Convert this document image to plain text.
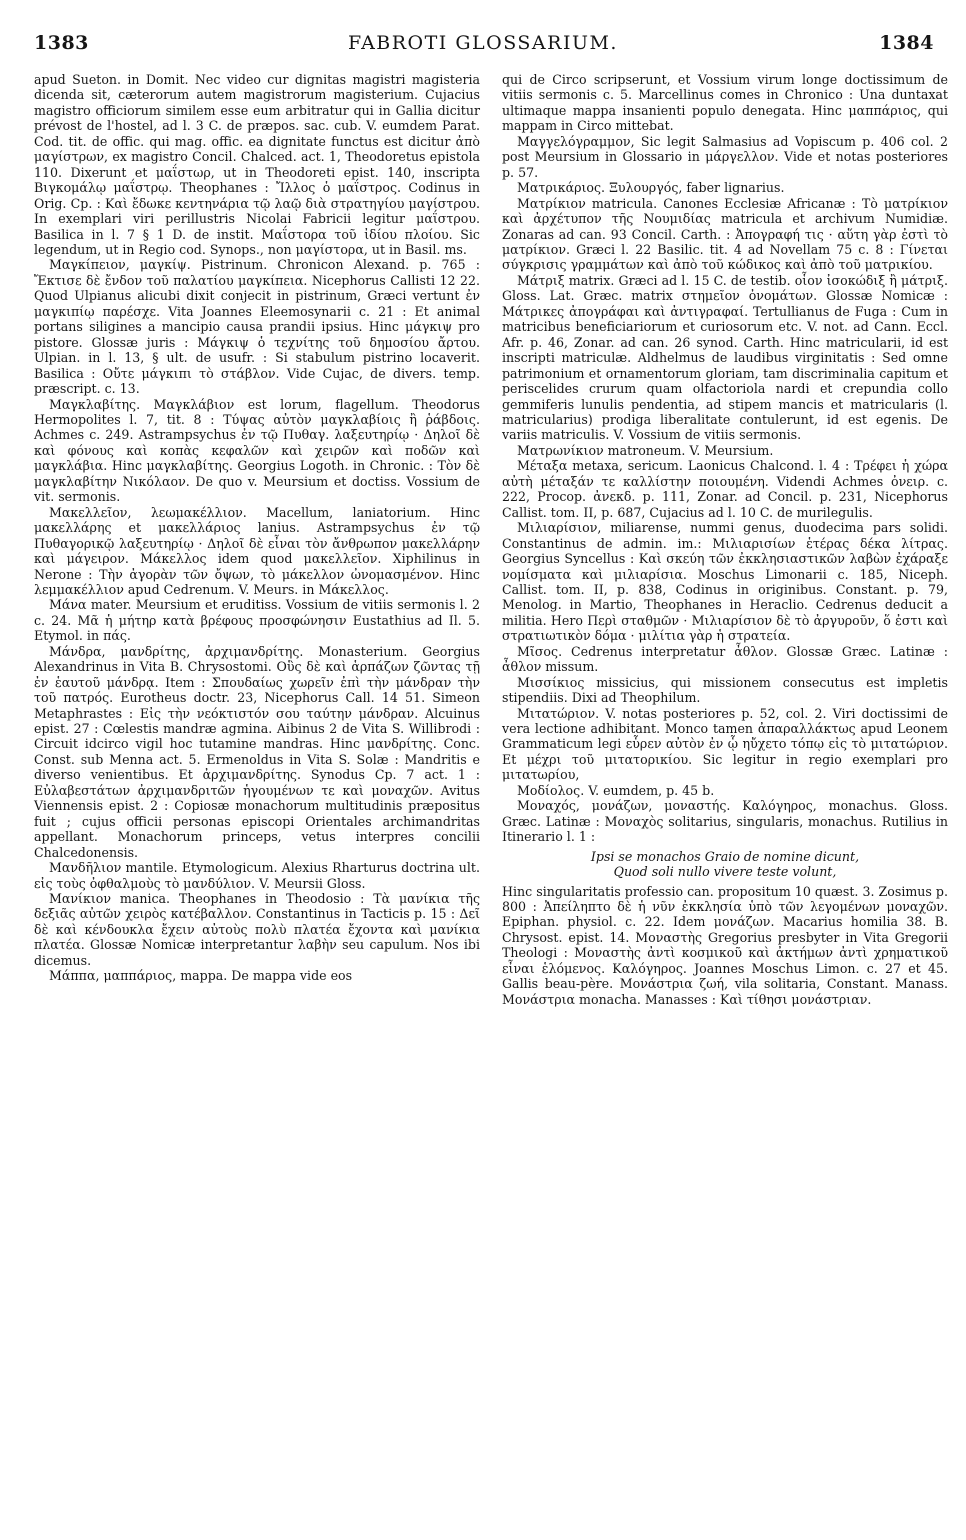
1383	FABROTI GLOSSARIUM.	1384

apud Sueton. in Domit. Nec video cur dignitas magistri magisteria dicenda sit, cæterorum autem magistrorum magisterium. Cujacius magistro officiorum similem esse eum arbitratur qui in Gallia dicitur prévost de l'hostel, ad l. 3 C. de præpos. sac. cub. V. eumdem Parat. Cod. tit. de offic. qui mag. offic. ea dignitate functus est dicitur ἀπὸ μαγίστρων, ex magistro Concil. Chalced. act. 1, Theodoretus epistola 110. Dixerunt et μαΐστωρ, ut in Theodoreti epist. 140, inscripta Βιγκομάλῳ μαΐστρῳ. Theophanes : Ἴλλος ὁ μαΐστρος. Codinus in Orig. Cp. : Καὶ ἔδωκε κεντηνάρια τῷ λαῷ διὰ στρατηγίου μαγίστρου. In exemplari viri perillustris Nicolai Fabricii legitur μαΐστρου. Basilica in l. 7 § 1 D. de instit. Μαΐστορα τοῦ ἰδίου πλοίου. Sic legendum, ut in Regio cod. Synops., non μαγίστορα, ut in Basil. ms.

Μαγκίπειον, μαγκίψ. Pistrinum. Chronicon Alexand. p. 765 : Ἔκτισε δὲ ἔνδον τοῦ παλατίου μαγκίπεια. Nicephorus Callisti 12 22. Quod Ulpianus alicubi dixit conjecit in pistrinum, Græci vertunt ἐν μαγκιπίῳ παρέσχε. Vita Joannes Eleemosynarii c. 21 : Et animal portans siligines a mancipio causa prandii ipsius. Hinc μάγκιψ pro pistore. Glossæ juris : Μάγκιψ ὁ τεχνίτης τοῦ δημοσίου ἄρτου. Ulpian. in l. 13, § ult. de usufr. : Si stabulum pistrino locaverit. Basilica : Οὔτε μάγκιπι τὸ στάβλον. Vide Cujac, de divers. temp. præscript. c. 13.

Μαγκλαβίτης. Μαγκλάβιον est lorum, flagellum. Theodorus Hermopolites l. 7, tit. 8 : Τύψας αὐτὸν μαγκλαβίοις ἢ ῥάβδοις. Achmes c. 249. Astrampsychus ἐν τῷ Πυθαγ. λαξευτηρίῳ · Δηλοῖ δὲ καὶ φόνους καὶ κοπὰς κεφαλῶν καὶ χειρῶν καὶ ποδῶν καὶ μαγκλάβια. Hinc μαγκλαβίτης. Georgius Logoth. in Chronic. : Τὸν δὲ μαγκλαβίτην Νικόλαον. De quo v. Meursium et doctiss. Vossium de vit. sermonis.

Μακελλεῖον, λεωμακέλλιον. Macellum, laniatorium. Hinc μακελλάρης et μακελλάριος lanius. Astrampsychus ἐν τῷ Πυθαγορικῷ λαξευτηρίῳ · Δηλοῖ δὲ εἶναι τὸν ἄνθρωπον μακελλάρην καὶ μάγειρον. Μάκελλος idem quod μακελλεῖον. Xiphilinus in Nerone : Τὴν ἀγορὰν τῶν ὄψων, τὸ μάκελλον ὠνομασμένον. Hinc λεμμακέλλιον apud Cedrenum. V. Meurs. in Μάκελλος.

Μάνα mater. Meursium et eruditiss. Vossium de vitiis sermonis l. 2 c. 24. Μᾶ ἡ μήτηρ κατὰ βρέφους προσφώνησιν Eustathius ad Il. 5. Etymol. in πάς.

Μάνδρα, μανδρίτης, ἀρχιμανδρίτης. Monasterium. Georgius Alexandrinus in Vita B. Chrysostomi. Οὓς δὲ καὶ ἁρπάζων ζῶντας τῇ ἐν ἑαυτοῦ μάνδρᾳ. Item : Σπουδαίως χωρεῖν ἐπὶ τὴν μάνδραν τὴν τοῦ πατρός. Eurotheus doctr. 23, Nicephorus Call. 14 51. Simeon Metaphrastes : Εἰς τὴν νεόκτιστόν σου ταύτην μάνδραν. Alcuinus epist. 27 : Cœlestis mandræ agmina. Aibinus 2 de Vita S. Willibrodi : Circuit idcirco vigil hoc tutamine mandras. Hinc μανδρίτης. Conc. Const. sub Menna act. 5. Ermenoldus in Vita S. Solæ : Mandritis e diverso venientibus. Et ἀρχιμανδρίτης. Synodus Cp. 7 act. 1 : Εὐλαβεστάτων ἀρχιμανδριτῶν ἡγουμένων τε καὶ μοναχῶν. Avitus Viennensis epist. 2 : Copiosæ monachorum multitudinis præpositus fuit ; cujus officii personas episcopi Orientales archimandritas appellant. Monachorum princeps, vetus interpres concilii Chalcedonensis.

Μανδῆλιον mantile. Etymologicum. Alexius Rharturus doctrina ult. εἰς τοὺς ὀφθαλμοὺς τὸ μανδύλιον. V. Meursii Gloss.

Μανίκιον manica. Theophanes in Theodosio : Τὰ μανίκια τῆς δεξιᾶς αὐτῶν χειρὸς κατέβαλλον. Constantinus in Tacticis p. 15 : Δεῖ δὲ καὶ κένδουκλα ἔχειν αὐτοὺς πολὺ πλατέα ἔχοντα καὶ μανίκια πλατέα. Glossæ Nomicæ interpretantur λαβὴν seu capulum. Nos ibi dicemus.

Μάππα, μαππάριος, mappa. De mappa vide eos

qui de Circo scripserunt, et Vossium virum longe doctissimum de vitiis sermonis c. 5. Marcellinus comes in Chronico : Una duntaxat ultimaque mappa insanienti populo denegata. Hinc μαππάριος, qui mappam in Circo mittebat.

Μαγγελόγραμμον, Sic legit Salmasius ad Vopiscum p. 406 col. 2 post Meursium in Glossario in μάργελλον. Vide et notas posteriores p. 57.

Ματρικάριος. Ξυλουργός, faber lignarius.

Ματρίκιον matricula. Canones Ecclesiæ Africanæ : Τὸ ματρίκιον καὶ ἀρχέτυπον τῆς Νουμιδίας matricula et archivum Numidiæ. Zonaras ad can. 93 Concil. Carth. : Ἀπογραφή τις · αὕτη γὰρ ἐστὶ τὸ ματρίκιον. Græci l. 22 Basilic. tit. 4 ad Novellam 75 c. 8 : Γίνεται σύγκρισις γραμμάτων καὶ ἀπὸ τοῦ κώδικος καὶ ἀπὸ τοῦ ματρικίου.

Μάτριξ matrix. Græci ad l. 15 C. de testib. οἷον ἰσοκώδιξ ἢ μάτριξ. Gloss. Lat. Græc. matrix στημεῖον ὀνομάτων. Glossæ Nomicæ : Μάτρικες ἀπογράφαι καὶ ἀντιγραφαί. Tertullianus de Fuga : Cum in matricibus beneficiariorum et curiosorum etc. V. not. ad Cann. Eccl. Afr. p. 46, Zonar. ad can. 26 synod. Carth. Hinc matricularii, id est inscripti matriculæ. Aldhelmus de laudibus virginitatis : Sed omne patrimonium et ornamentorum gloriam, tam discriminalia capitum et periscelides crurum quam olfactoriola nardi et crepundia collo gemmiferis lunulis pendentia, ad stipem mancis et matricularis (l. matricularius) prodiga liberalitate contulerunt, id est egenis. De variis matriculis. V. Vossium de vitiis sermonis.

Ματρωνίκιον matroneum. V. Meursium.

Μέταξα metaxa, sericum. Laonicus Chalcond. l. 4 : Τρέφει ἡ χώρα αὐτὴ μέταξάν τε καλλίστην ποιουμένη. Videndi Achmes ὀνειρ. c. 222, Procop. ἀνεκδ. p. 111, Zonar. ad Concil. p. 231, Nicephorus Callist. tom. II, p. 687, Cujacius ad l. 10 C. de murilegulis.

Μιλιαρίσιον, miliarense, nummi genus, duodecima pars solidi. Constantinus de admin. im.: Μιλιαρισίων ἑτέρας δέκα λίτρας. Georgius Syncellus : Καὶ σκεύη τῶν ἐκκλησιαστικῶν λαβὼν ἐχάραξε νομίσματα καὶ μιλιαρίσια. Moschus Limonarii c. 185, Niceph. Callist. tom. II, p. 838, Codinus in originibus. Constant. p. 79, Menolog. in Martio, Theophanes in Heraclio. Cedrenus deducit a militia. Hero Περὶ σταθμῶν · Μιλιαρίσιον δὲ τὸ ἀργυροῦν, ὅ ἐστι καὶ στρατιωτικὸν δόμα · μιλίτια γὰρ ἡ στρατεία.

Μῖσος. Cedrenus interpretatur ἆθλον. Glossæ Græc. Latinæ : ἆθλον missum.

Μισσίκιος missicius, qui missionem consecutus est impletis stipendiis. Dixi ad Theophilum.

Μιτατώριον. V. notas posteriores p. 52, col. 2. Viri doctissimi de vera lectione adhibitant. Monco tamen ἀπαραλλάκτως apud Leonem Grammaticum legi εὗρεν αὐτὸν ἐν ᾧ ηὔχετο τόπῳ εἰς τὸ μιτατώριον. Et μέχρι τοῦ μιτατορικίου. Sic legitur in regio exemplari pro μιτατωρίου,

Μοδίολος. V. eumdem, p. 45 b.

Μοναχός, μονάζων, μοναστής. Καλόγηρος, monachus. Gloss. Græc. Latinæ : Μοναχὸς solitarius, singularis, monachus. Rutilius in Itinerario l. 1 :

Ipsi se monachos Graio de nomine dicunt,
Quod soli nullo vivere teste volunt,

Hinc singularitatis professio can. propositum 10 quæst. 3. Zosimus p. 800 : Ἀπείληπτο δὲ ἡ νῦν ἐκκλησία ὑπὸ τῶν λεγομένων μοναχῶν. Epiphan. physiol. c. 22. Idem μονάζων. Macarius homilia 38. B. Chrysost. epist. 14. Μοναστὴς Gregorius presbyter in Vita Gregorii Theologi : Μοναστὴς ἀντὶ κοσμικοῦ καὶ ἀκτήμων ἀντὶ χρηματικοῦ εἶναι ἑλόμενος. Καλόγηρος. Joannes Moschus Limon. c. 27 et 45. Gallis beau-père. Μονάστρια ζωή, vila solitaria, Constant. Manass. Μονάστρια monacha. Manasses : Καὶ τίθησι μονάστριαν.
